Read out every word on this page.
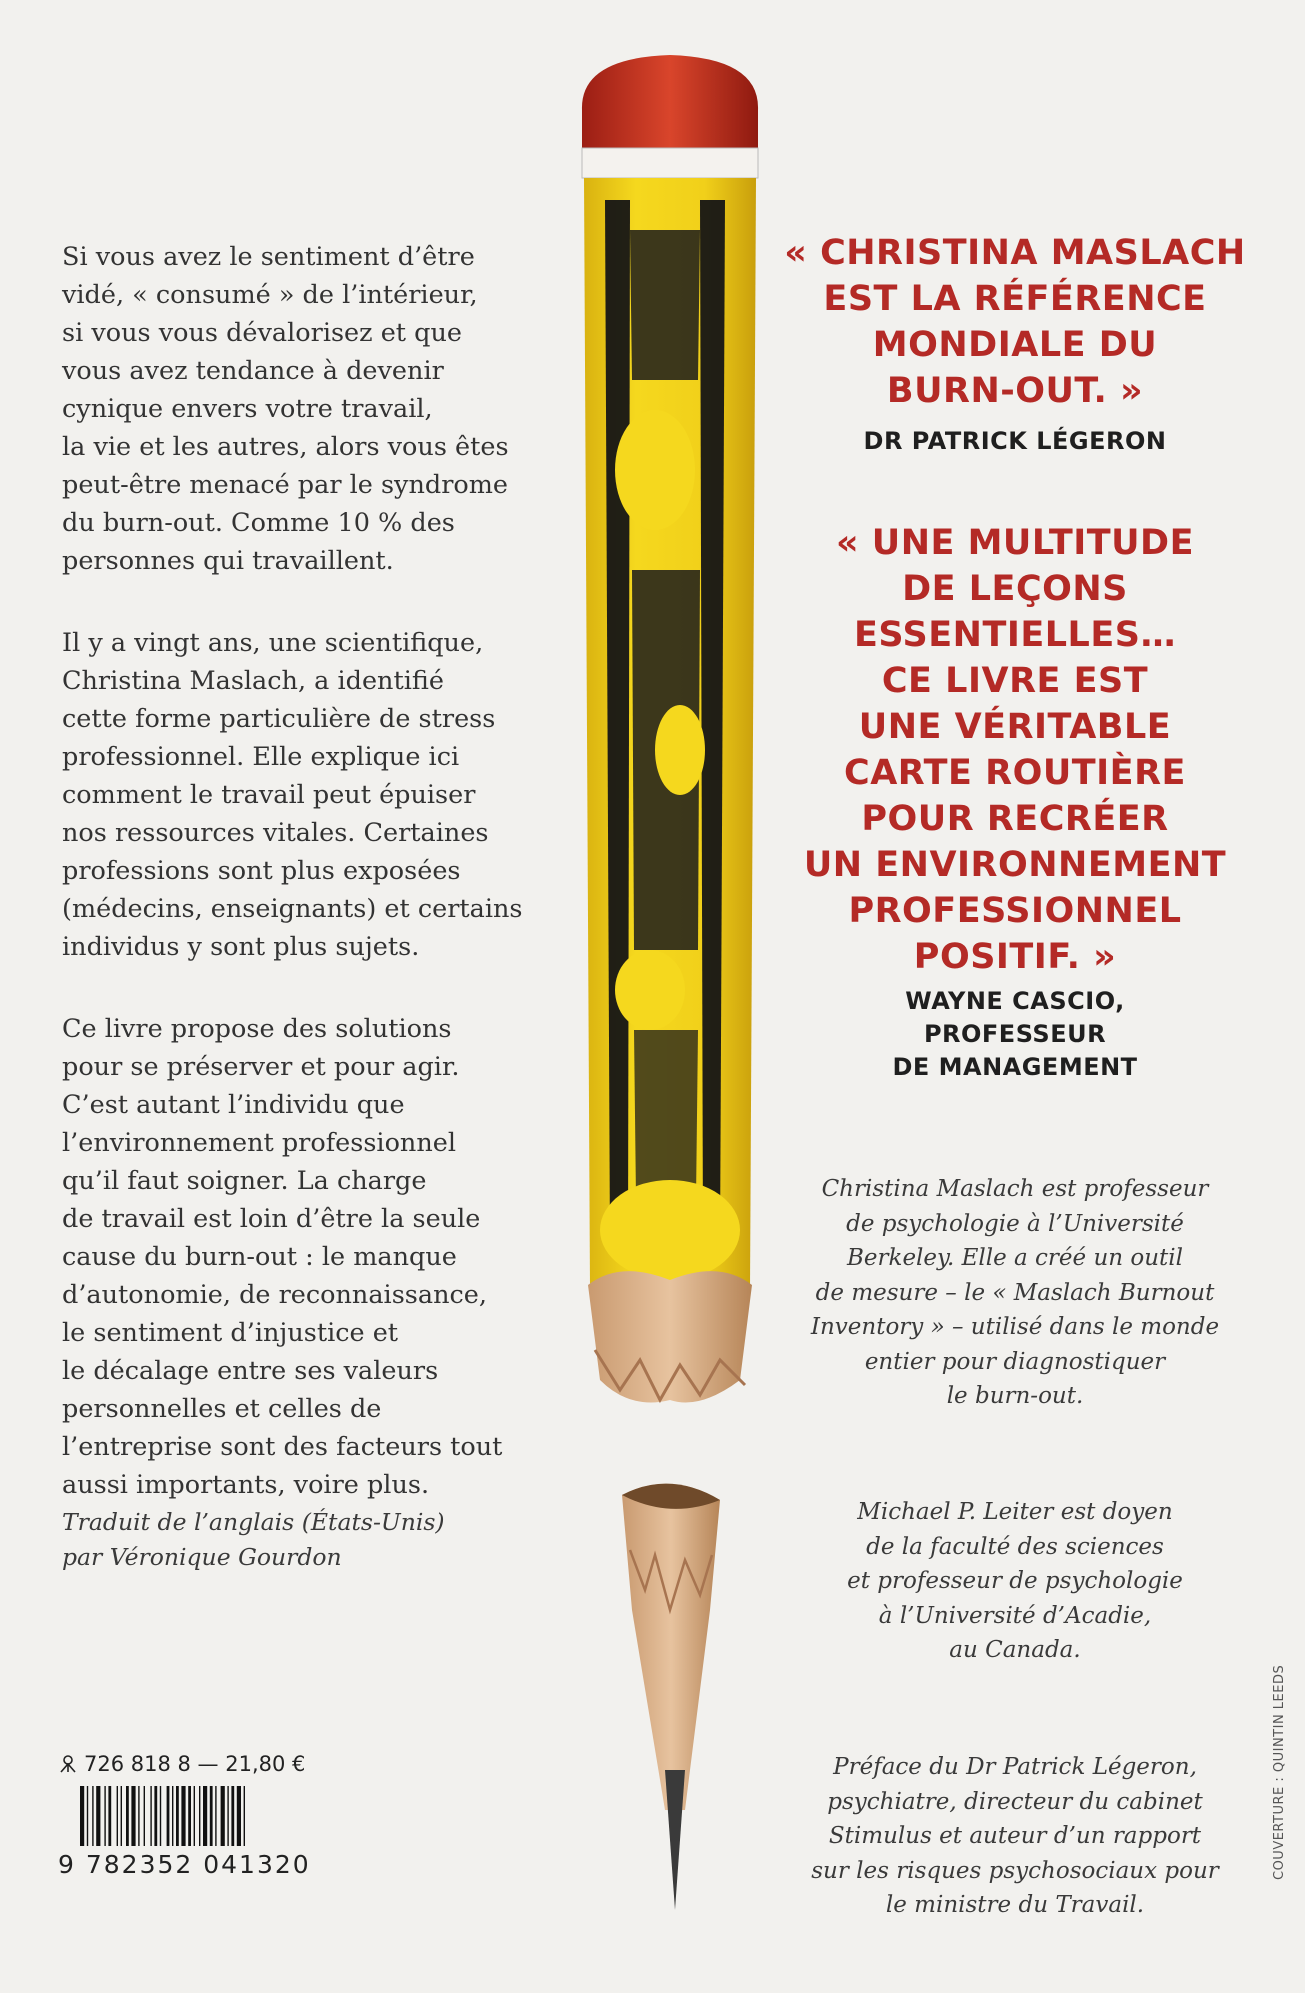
Si vous avez le sentiment d’être
vidé, « consumé » de l’intérieur,
si vous vous dévalorisez et que
vous avez tendance à devenir
cynique envers votre travail,
la vie et les autres, alors vous êtes
peut-être menacé par le syndrome
du burn-out. Comme 10 % des
personnes qui travaillent.

Il y a vingt ans, une scientifique,
Christina Maslach, a identifié
cette forme particulière de stress
professionnel. Elle explique ici
comment le travail peut épuiser
nos ressources vitales. Certaines
professions sont plus exposées
(médecins, enseignants) et certains
individus y sont plus sujets.

Ce livre propose des solutions
pour se préserver et pour agir.
C’est autant l’individu que
l’environnement professionnel
qu’il faut soigner. La charge
de travail est loin d’être la seule
cause du burn-out : le manque
d’autonomie, de reconnaissance,
le sentiment d’injustice et
le décalage entre ses valeurs
personnelles et celles de
l’entreprise sont des facteurs tout
aussi importants, voire plus.

Traduit de l’anglais (États-Unis)
par Véronique Gourdon
726 818 8 — 21,80 €
9 782352 041320
« CHRISTINA MASLACH
EST LA RÉFÉRENCE
MONDIALE DU
BURN-OUT. »
DR PATRICK LÉGERON
« UNE MULTITUDE
DE LEÇONS
ESSENTIELLES…
CE LIVRE EST
UNE VÉRITABLE
CARTE ROUTIÈRE
POUR RECRÉER
UN ENVIRONNEMENT
PROFESSIONNEL
POSITIF. »
WAYNE CASCIO,
PROFESSEUR
DE MANAGEMENT
Christina Maslach est professeur
de psychologie à l’Université
Berkeley. Elle a créé un outil
de mesure – le « Maslach Burnout
Inventory » – utilisé dans le monde
entier pour diagnostiquer
le burn-out.
Michael P. Leiter est doyen
de la faculté des sciences
et professeur de psychologie
à l’Université d’Acadie,
au Canada.
Préface du Dr Patrick Légeron,
psychiatre, directeur du cabinet
Stimulus et auteur d’un rapport
sur les risques psychosociaux pour
le ministre du Travail.
COUVERTURE : QUINTIN LEEDS
